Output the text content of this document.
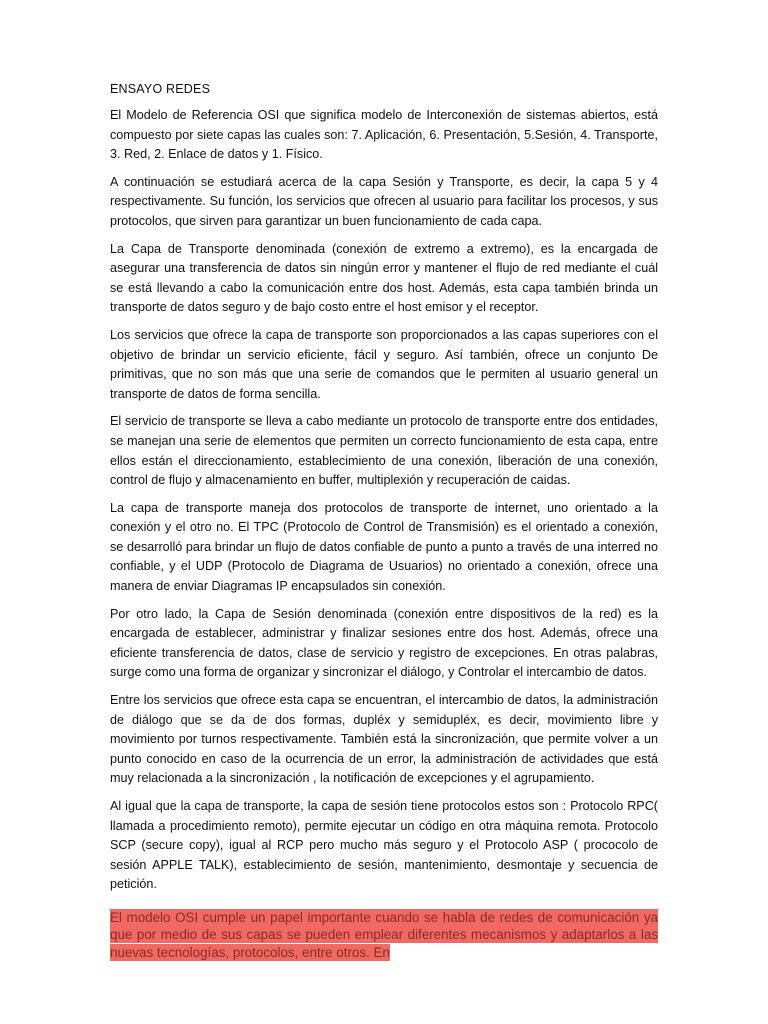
ENSAYO REDES

El Modelo de Referencia OSI que significa modelo de Interconexión de sistemas abiertos, está compuesto por siete capas las cuales son: 7. Aplicación, 6. Presentación, 5.Sesión, 4. Transporte, 3. Red, 2. Enlace de datos y 1. Físico.

A continuación se estudiará acerca de la capa Sesión y Transporte, es decir, la capa 5 y 4 respectivamente. Su función, los servicios que ofrecen al usuario para facilitar los procesos, y sus protocolos, que sirven para garantizar un buen funcionamiento de cada capa.

La Capa de Transporte denominada (conexión de extremo a extremo), es la encargada de asegurar una transferencia de datos sin ningún error y mantener el flujo de red mediante el cuál se está llevando a cabo la comunicación entre dos host. Además, esta capa también brinda un transporte de datos seguro y de bajo costo entre el host emisor y el receptor.

Los servicios que ofrece la capa de transporte son proporcionados a las capas superiores con el objetivo de brindar un servicio eficiente, fácil y seguro. Así también, ofrece un conjunto De primitivas, que no son más que una serie de comandos que le permiten al usuario general un transporte de datos de forma sencilla.

El servicio de transporte se lleva a cabo mediante un protocolo de transporte entre dos entidades, se manejan una serie de elementos que permiten un correcto funcionamiento de esta capa, entre ellos están el direccionamiento, establecimiento de una conexión, liberación de una conexión, control de flujo y almacenamiento en buffer, multiplexión y recuperación de caidas.

La capa de transporte maneja dos protocolos de transporte de internet, uno orientado a la conexión y el otro no. El TPC (Protocolo de Control de Transmisión) es el orientado a conexión, se desarrolló para brindar un flujo de datos confiable de punto a punto a través de una interred no confiable, y el UDP (Protocolo de Diagrama de Usuarios) no orientado a conexión, ofrece una manera de enviar Diagramas IP encapsulados sin conexión.

Por otro lado, la Capa de Sesión denominada (conexión entre dispositivos de la red) es la encargada de establecer, administrar y finalizar sesiones entre dos host. Además, ofrece una eficiente transferencia de datos, clase de servicio y registro de excepciones. En otras palabras, surge como una forma de organizar y sincronizar el diálogo, y Controlar el intercambio de datos.

Entre los servicios que ofrece esta capa se encuentran, el intercambio de datos, la administración de diálogo que se da de dos formas, dupléx y semidupléx, es decir, movimiento libre y movimiento por turnos respectivamente. También está la sincronización, que permite volver a un punto conocido en caso de la ocurrencia de un error, la administración de actividades que está muy relacionada a la sincronización , la notificación de excepciones y el agrupamiento.

Al igual que la capa de transporte, la capa de sesión tiene protocolos estos son : Protocolo RPC( llamada a procedimiento remoto), permite ejecutar un código en otra máquina remota. Protocolo SCP (secure copy), igual al RCP pero mucho más seguro y el Protocolo ASP ( prococolo de sesión APPLE TALK), establecimiento de sesión, mantenimiento, desmontaje y secuencia de petición.

El modelo OSI cumple un papel importante cuando se habla de redes de comunicación ya que por medio de sus capas se pueden emplear diferentes mecanismos y adaptarlos a las nuevas tecnologías, protocolos, entre otros. En
